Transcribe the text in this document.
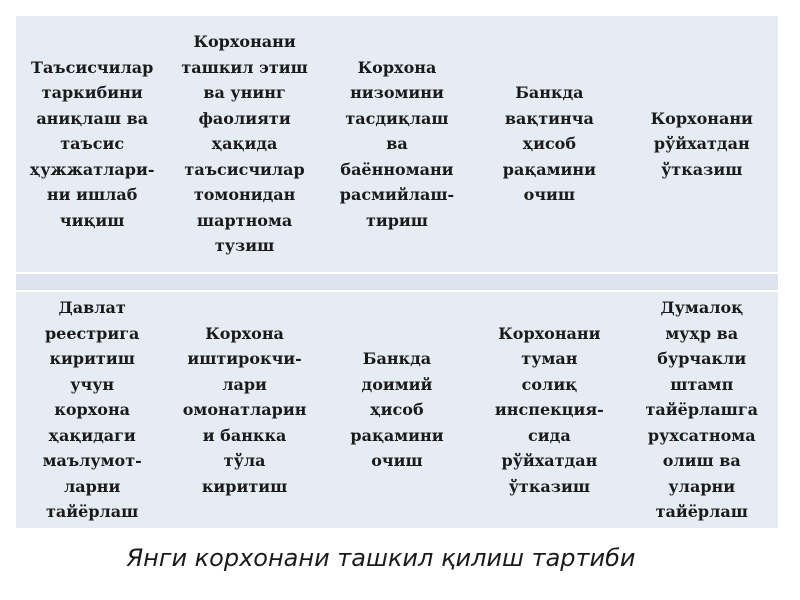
Таъсисчилар
таркибини
аниқлаш ва
таъсис
ҳужжатлари-
ни ишлаб
чиқиш
Корхонани
ташкил этиш
ва унинг
фаолияти
ҳақида
таъсисчилар
томонидан
шартнома
тузиш
Корхона
низомини
тасдиқлаш
ва
баённомани
расмийлаш-
тириш
Банкда
вақтинча
ҳисоб
рақамини
очиш
Корхонани
рўйхатдан
ўтказиш
Давлат
реестрига
киритиш
учун
корхона
ҳақидаги
маълумот-
ларни
тайёрлаш
Корхона
иштирокчи-
лари
омонатларин
и банкка
тўла
киритиш
Банкда
доимий
ҳисоб
рақамини
очиш
Корхонани
туман
солиқ
инспекция-
сида
рўйхатдан
ўтказиш
Думалоқ
муҳр ва
бурчакли
штамп
тайёрлашга
рухсатнома
олиш ва
уларни
тайёрлаш
Янги корхонани ташкил қилиш тартиби
